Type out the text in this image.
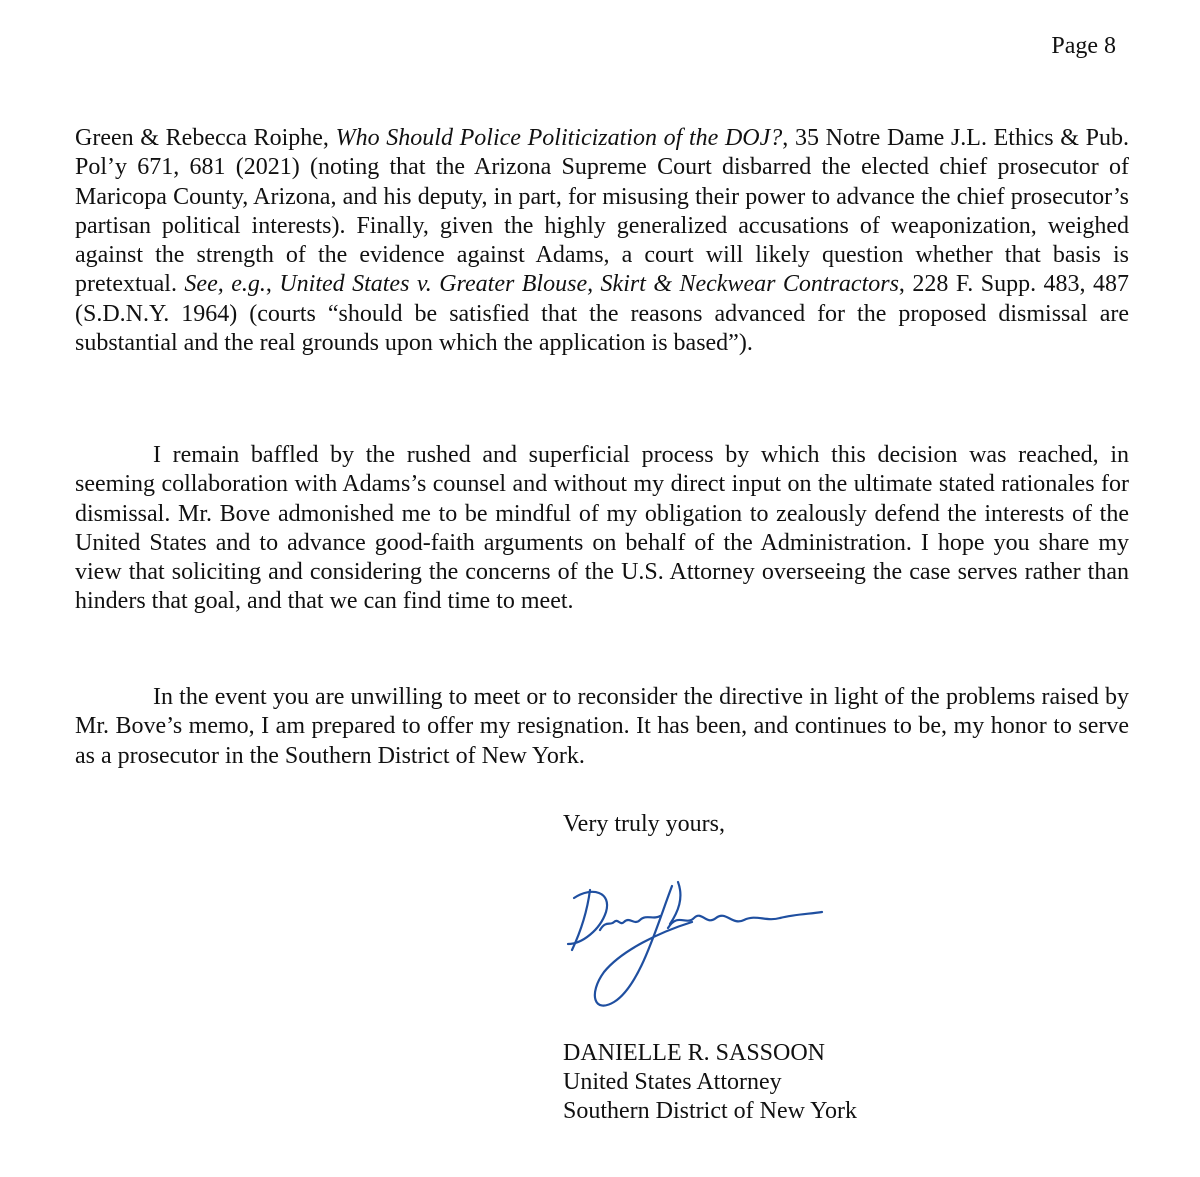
Page 8

Green & Rebecca Roiphe, Who Should Police Politicization of the DOJ?, 35 Notre Dame J.L. Ethics & Pub. Pol’y 671, 681 (2021) (noting that the Arizona Supreme Court disbarred the elected chief prosecutor of Maricopa County, Arizona, and his deputy, in part, for misusing their power to advance the chief prosecutor’s partisan political interests). Finally, given the highly generalized accusations of weaponization, weighed against the strength of the evidence against Adams, a court will likely question whether that basis is pretextual. See, e.g., United States v. Greater Blouse, Skirt & Neckwear Contractors, 228 F. Supp. 483, 487 (S.D.N.Y. 1964) (courts “should be satisfied that the reasons advanced for the proposed dismissal are substantial and the real grounds upon which the application is based”).

I remain baffled by the rushed and superficial process by which this decision was reached, in seeming collaboration with Adams’s counsel and without my direct input on the ultimate stated rationales for dismissal. Mr. Bove admonished me to be mindful of my obligation to zealously defend the interests of the United States and to advance good-faith arguments on behalf of the Administration. I hope you share my view that soliciting and considering the concerns of the U.S. Attorney overseeing the case serves rather than hinders that goal, and that we can find time to meet.

In the event you are unwilling to meet or to reconsider the directive in light of the problems raised by Mr. Bove’s memo, I am prepared to offer my resignation. It has been, and continues to be, my honor to serve as a prosecutor in the Southern District of New York.

Very truly yours,
DANIELLE R. SASSOON
United States Attorney
Southern District of New York
